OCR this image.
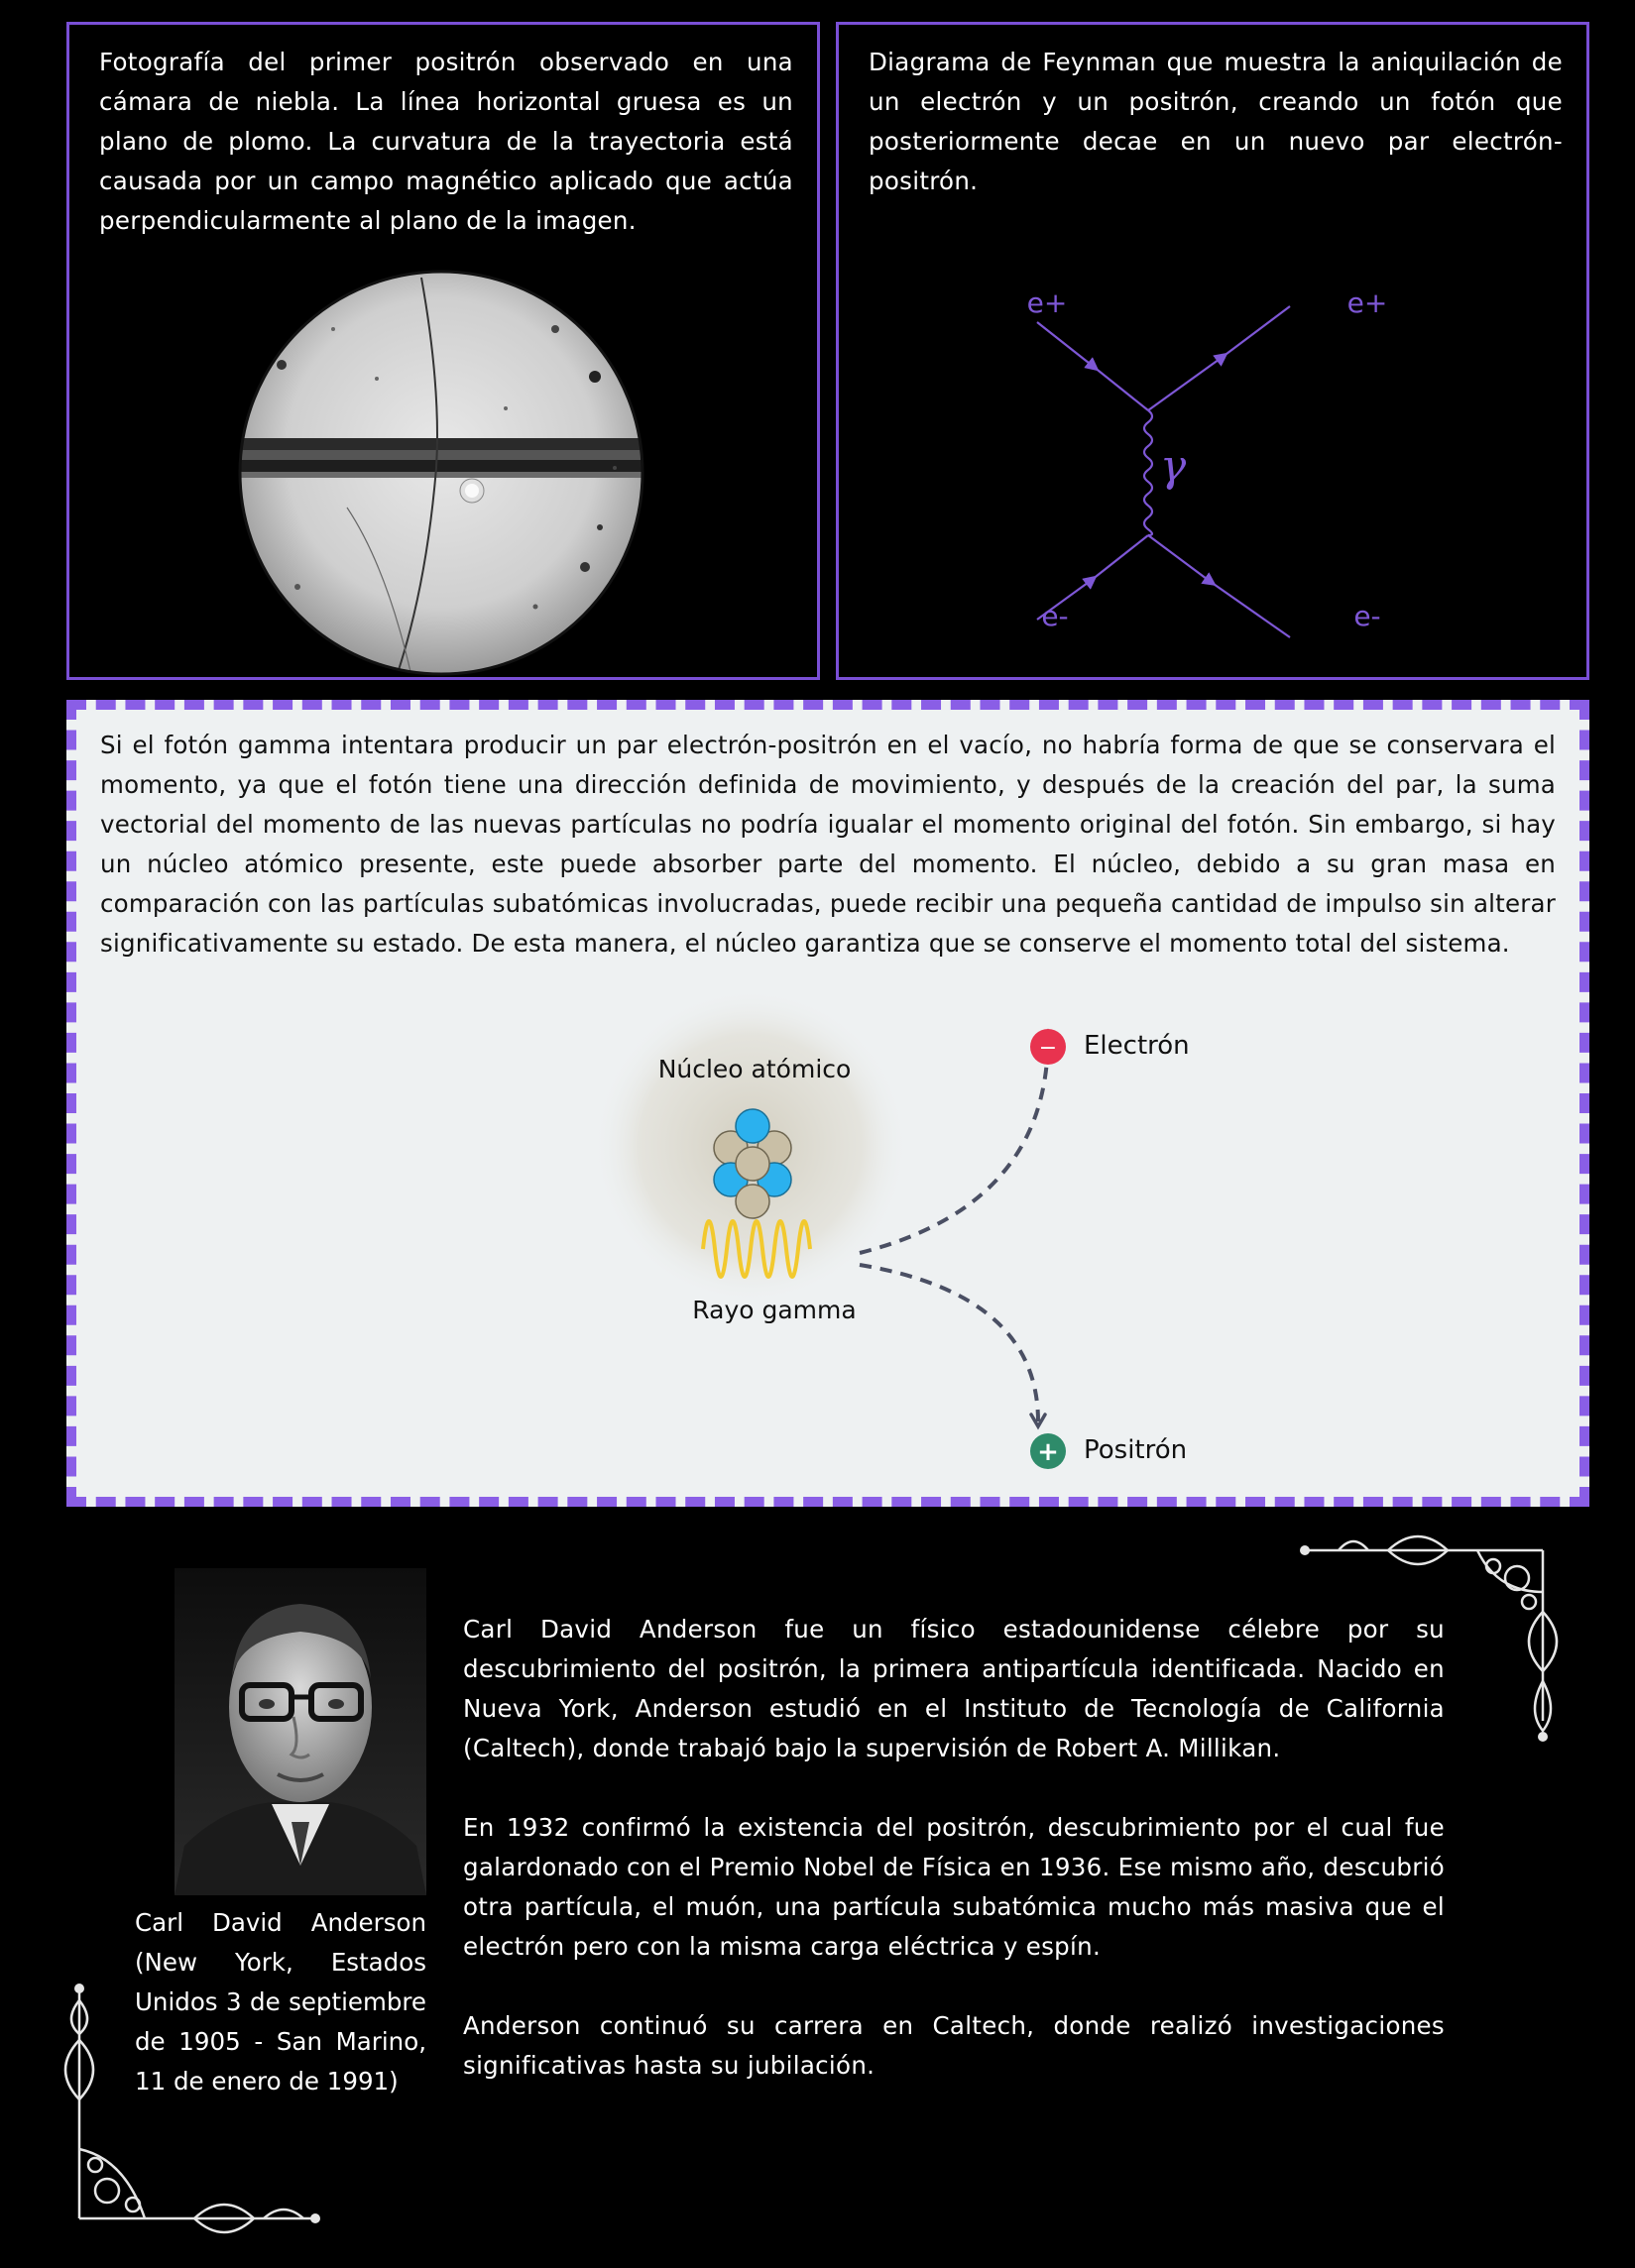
Fotografía del primer positrón observado en una cámara de niebla. La línea horizontal gruesa es un plano de plomo. La curvatura de la trayectoria está causada por un campo magnético aplicado que actúa perpendicularmente al plano de la imagen.
Diagrama de Feynman que muestra la aniquilación de un electrón y un positrón, creando un fotón que posteriormente decae en un nuevo par electrón-positrón.
e+	e+
e-	e-
γ
Si el fotón gamma intentara producir un par electrón-positrón en el vacío, no habría forma de que se conservara el momento, ya que el fotón tiene una dirección definida de movimiento, y después de la creación del par, la suma vectorial del momento de las nuevas partículas no podría igualar el momento original del fotón. Sin embargo, si hay un núcleo atómico presente, este puede absorber parte del momento. El núcleo, debido a su gran masa en comparación con las partículas subatómicas involucradas, puede recibir una pequeña cantidad de impulso sin alterar significativamente su estado. De esta manera, el núcleo garantiza que se conserve el momento total del sistema.
Núcleo atómico
Rayo gamma
− Electrón
+ Positrón
Carl David Anderson (New York, Estados Unidos 3 de septiembre de 1905 - San Marino, 11 de enero de 1991)

Carl David Anderson fue un físico estadounidense célebre por su descubrimiento del positrón, la primera antipartícula identificada. Nacido en Nueva York, Anderson estudió en el Instituto de Tecnología de California (Caltech), donde trabajó bajo la supervisión de Robert A. Millikan.

En 1932 confirmó la existencia del positrón, descubrimiento por el cual fue galardonado con el Premio Nobel de Física en 1936. Ese mismo año, descubrió otra partícula, el muón, una partícula subatómica mucho más masiva que el electrón pero con la misma carga eléctrica y espín.

Anderson continuó su carrera en Caltech, donde realizó investigaciones significativas hasta su jubilación.
